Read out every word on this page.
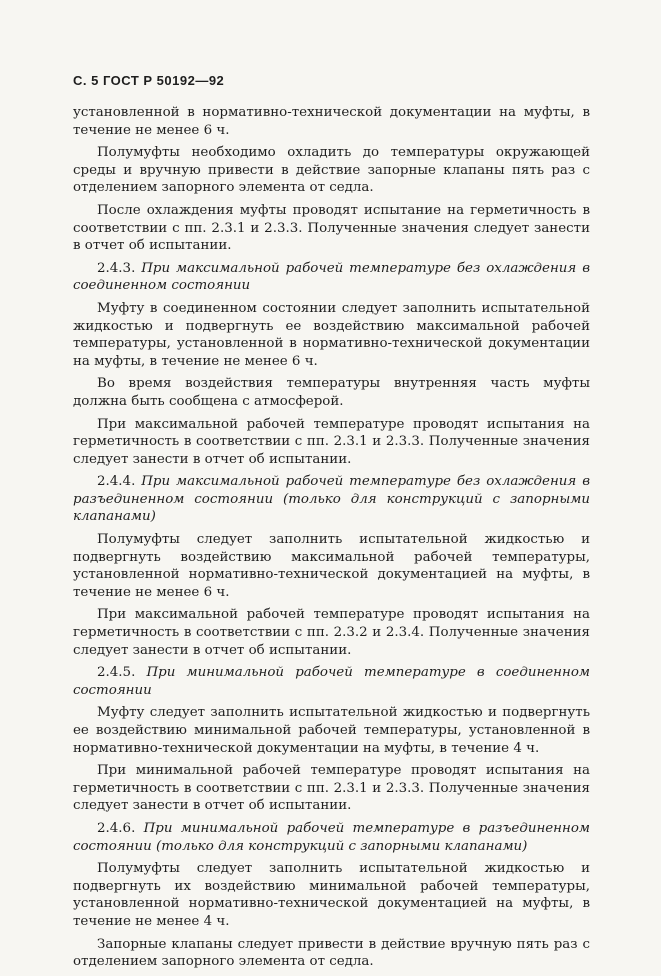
С. 5 ГОСТ Р 50192—92

установленной в нормативно-технической документации на муфты, в течение не менее 6 ч.

Полумуфты необходимо охладить до температуры окружающей среды и вручную привести в действие запорные клапаны пять раз с отделением запорного элемента от седла.

После охлаждения муфты проводят испытание на герметичность в соответствии с пп. 2.3.1 и 2.3.3. Полученные значения следует занести в отчет об испытании.

2.4.3. При максимальной рабочей температуре без охлаждения в соединенном состоянии

Муфту в соединенном состоянии следует заполнить испытательной жидкостью и подвергнуть ее воздействию максимальной рабочей температуры, установленной в нормативно-технической документации на муфты, в течение не менее 6 ч.

Во время воздействия температуры внутренняя часть муфты должна быть сообщена с атмосферой.

При максимальной рабочей температуре проводят испытания на герметичность в соответствии с пп. 2.3.1 и 2.3.3. Полученные значения следует занести в отчет об испытании.

2.4.4. При максимальной рабочей температуре без охлаждения в разъединенном состоянии (только для конструкций с запорными клапанами)

Полумуфты следует заполнить испытательной жидкостью и подвергнуть воздействию максимальной рабочей температуры, установленной нормативно-технической документацией на муфты, в течение не менее 6 ч.

При максимальной рабочей температуре проводят испытания на герметичность в соответствии с пп. 2.3.2 и 2.3.4. Полученные значения следует занести в отчет об испытании.

2.4.5. При минимальной рабочей температуре в соединенном состоянии

Муфту следует заполнить испытательной жидкостью и подвергнуть ее воздействию минимальной рабочей температуры, установленной в нормативно-технической документации на муфты, в течение 4 ч.

При минимальной рабочей температуре проводят испытания на герметичность в соответствии с пп. 2.3.1 и 2.3.3. Полученные значения следует занести в отчет об испытании.

2.4.6. При минимальной рабочей температуре в разъединенном состоянии (только для конструкций с запорными клапанами)

Полумуфты следует заполнить испытательной жидкостью и подвергнуть их воздействию минимальной рабочей температуры, установленной нормативно-технической документацией на муфты, в течение не менее 4 ч.

Запорные клапаны следует привести в действие вручную пять раз с отделением запорного элемента от седла.
